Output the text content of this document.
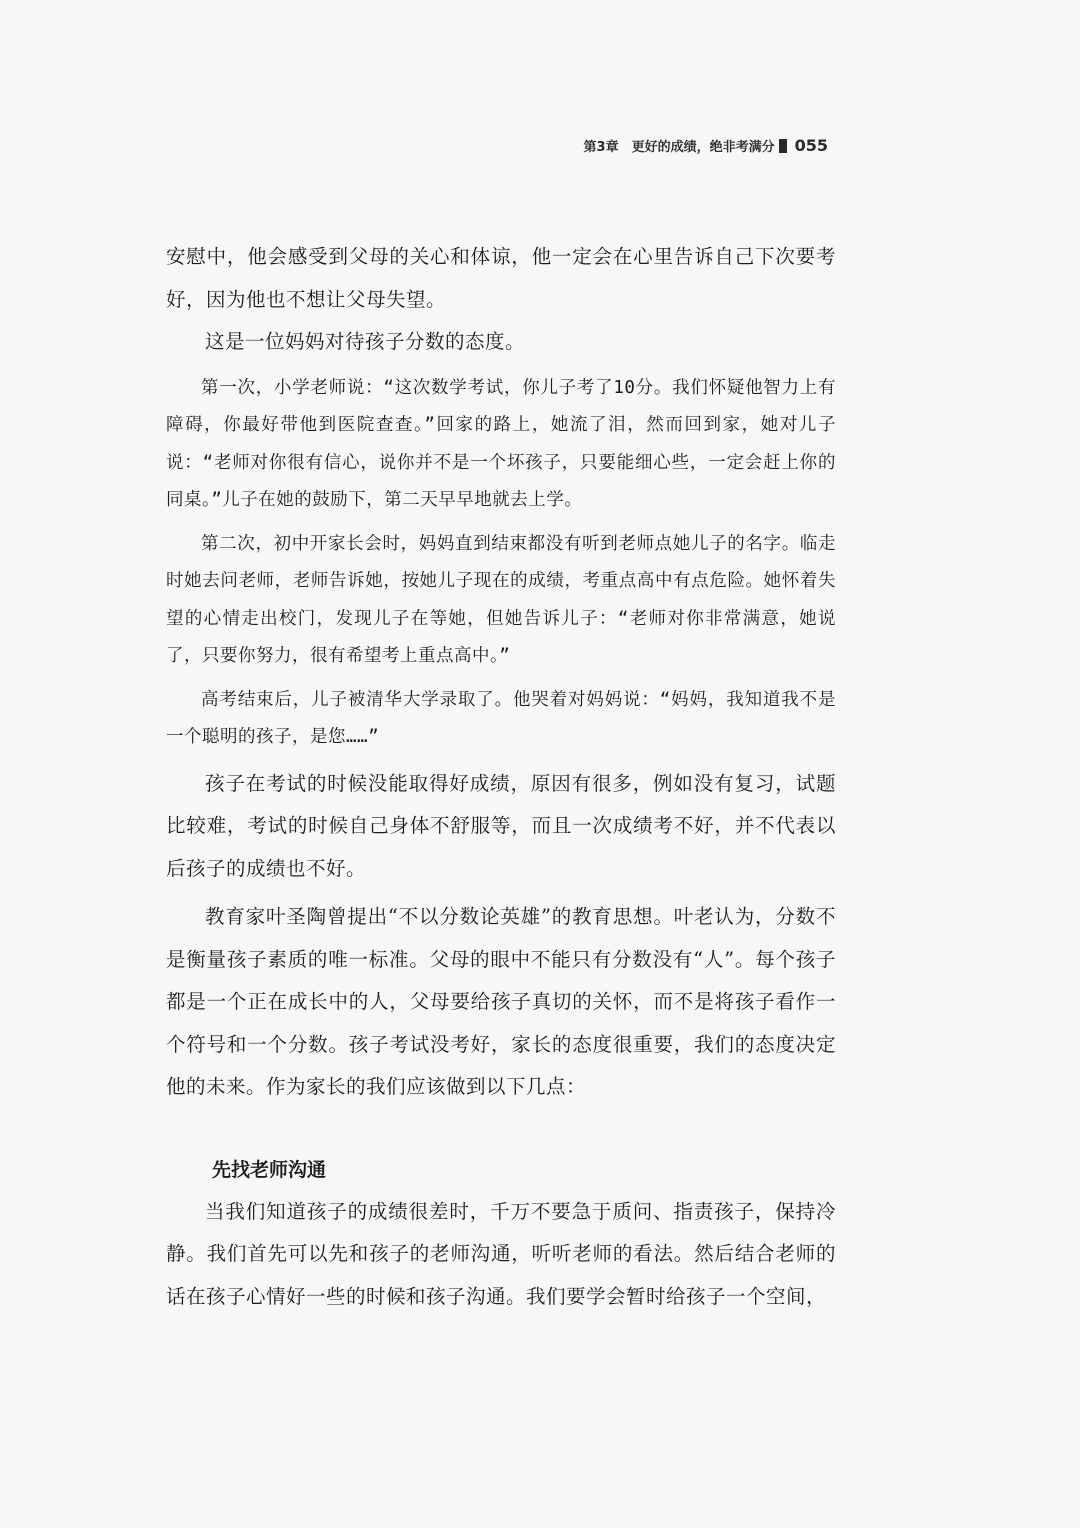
第3章　更好的成绩，绝非考满分 055

安慰中，他会感受到父母的关心和体谅，他一定会在心里告诉自己下次要考好，因为他也不想让父母失望。

这是一位妈妈对待孩子分数的态度。

第一次，小学老师说：“这次数学考试，你儿子考了10分。我们怀疑他智力上有障碍，你最好带他到医院查查。”回家的路上，她流了泪，然而回到家，她对儿子说：“老师对你很有信心，说你并不是一个坏孩子，只要能细心些，一定会赶上你的同桌。”儿子在她的鼓励下，第二天早早地就去上学。

第二次，初中开家长会时，妈妈直到结束都没有听到老师点她儿子的名字。临走时她去问老师，老师告诉她，按她儿子现在的成绩，考重点高中有点危险。她怀着失望的心情走出校门，发现儿子在等她，但她告诉儿子：“老师对你非常满意，她说了，只要你努力，很有希望考上重点高中。”

高考结束后，儿子被清华大学录取了。他哭着对妈妈说：“妈妈，我知道我不是一个聪明的孩子，是您……”

孩子在考试的时候没能取得好成绩，原因有很多，例如没有复习，试题比较难，考试的时候自己身体不舒服等，而且一次成绩考不好，并不代表以后孩子的成绩也不好。

教育家叶圣陶曾提出“不以分数论英雄”的教育思想。叶老认为，分数不是衡量孩子素质的唯一标准。父母的眼中不能只有分数没有“人”。每个孩子都是一个正在成长中的人，父母要给孩子真切的关怀，而不是将孩子看作一个符号和一个分数。孩子考试没考好，家长的态度很重要，我们的态度决定他的未来。作为家长的我们应该做到以下几点：

先找老师沟通

当我们知道孩子的成绩很差时，千万不要急于质问、指责孩子，保持冷静。我们首先可以先和孩子的老师沟通，听听老师的看法。然后结合老师的话在孩子心情好一些的时候和孩子沟通。我们要学会暂时给孩子一个空间，
